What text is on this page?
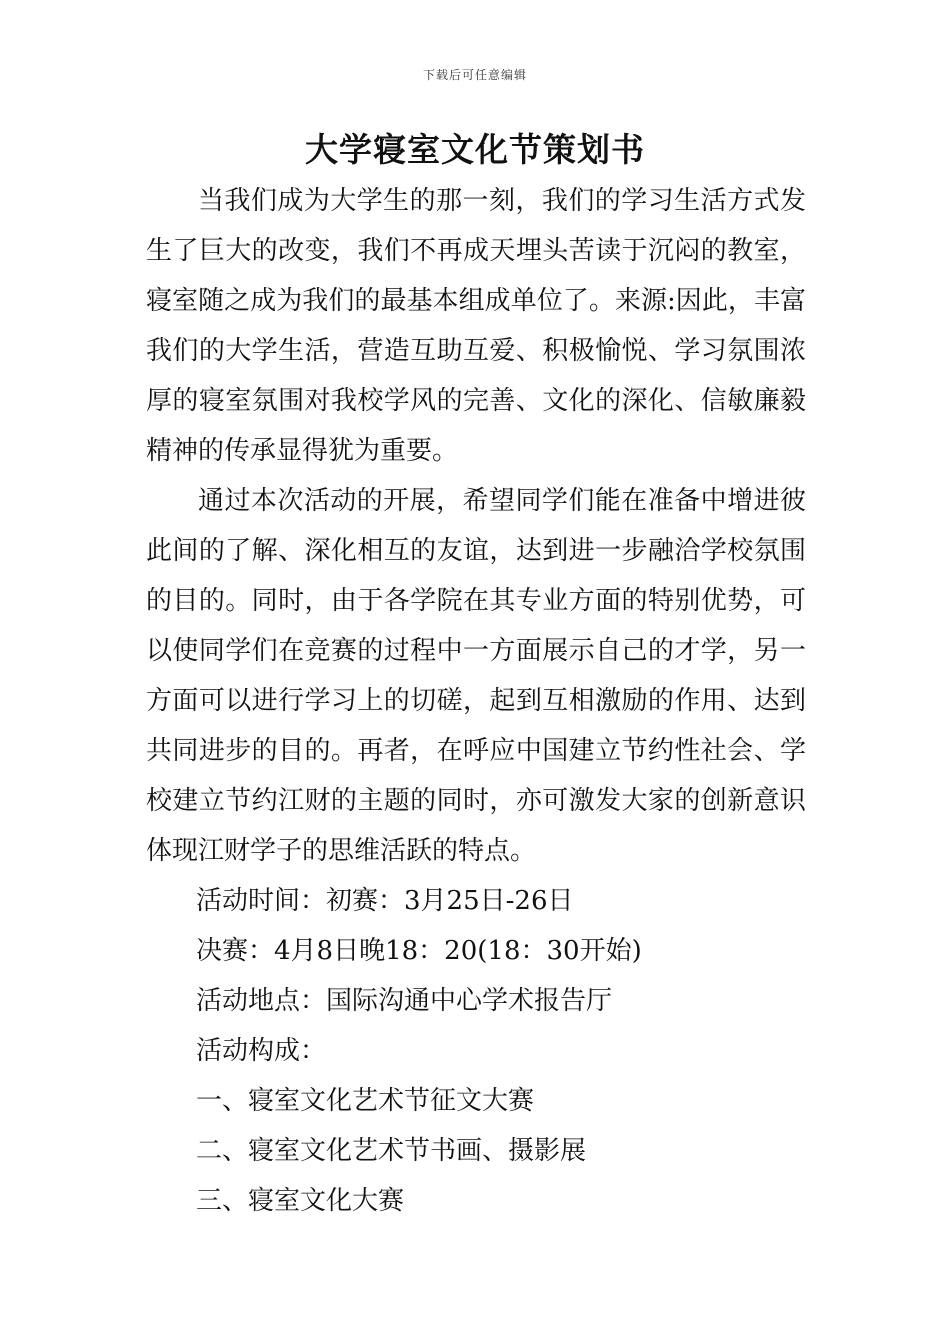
下载后可任意编辑
大学寝室文化节策划书

当我们成为大学生的那一刻，我们的学习生活方式发生了巨大的改变，我们不再成天埋头苦读于沉闷的教室，寝室随之成为我们的最基本组成单位了。来源:因此，丰富我们的大学生活，营造互助互爱、积极愉悦、学习氛围浓厚的寝室氛围对我校学风的完善、文化的深化、信敏廉毅精神的传承显得犹为重要。

通过本次活动的开展，希望同学们能在准备中增进彼此间的了解、深化相互的友谊，达到进一步融洽学校氛围的目的。同时，由于各学院在其专业方面的特别优势，可以使同学们在竞赛的过程中一方面展示自己的才学，另一方面可以进行学习上的切磋，起到互相激励的作用、达到共同进步的目的。再者，在呼应中国建立节约性社会、学校建立节约江财的主题的同时，亦可激发大家的创新意识体现江财学子的思维活跃的特点。

活动时间：初赛：3月25日-26日

决赛：4月8日晚18：20(18：30开始)

活动地点：国际沟通中心学术报告厅

活动构成：

一、寝室文化艺术节征文大赛

二、寝室文化艺术节书画、摄影展

三、寝室文化大赛
